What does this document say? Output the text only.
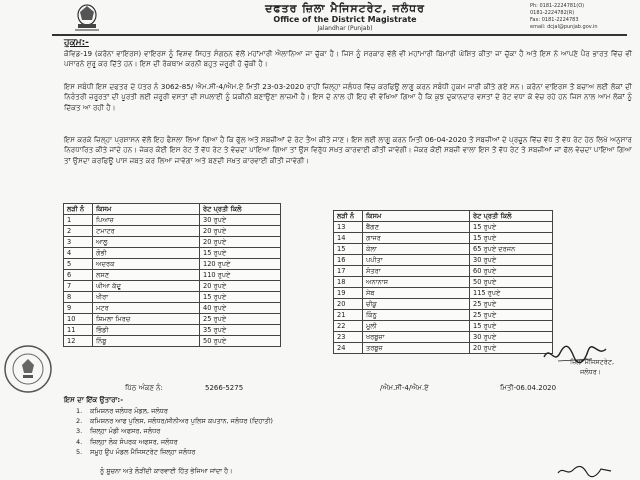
ਦਫਤਰ ਜ਼ਿਲਾ ਮੈਜਿਸਟਰੇਟ, ਜਲੰਧਰ
Office of the District Magistrate
Jalandhar (Punjab)
Ph: 0181-2224781(O)
0181-2224782(R)
Fax: 0181-2224783
email: dcjal@punjab.gov.in
ਹੁਕਮ:-
ਕੋਵਿਡ-19 (ਕਰੋਨਾ ਵਾਇਰਸ) ਵਾਇਰਸ ਨੂੰ ਵਿਸ਼ਵ ਸਿਹਤ ਸੰਗਠਨ ਵੱਲੋਂ ਮਹਾਂਮਾਰੀ ਐਲਾਨਿਆ ਜਾ ਚੁੱਕਾ ਹੈ। ਜਿਸ ਨੂੰ ਸਰਕਾਰ ਵੱਲੋਂ ਵੀ ਮਹਾਂਮਾਰੀ ਬਿਮਾਰੀ ਘੋਸ਼ਿਤ ਕੀਤਾ ਜਾ ਚੁੱਕਾ ਹੈ ਅਤੇ ਇਸ ਨੇ ਆਪਣੇ ਪੈਰ ਭਾਰਤ ਵਿੱਚ ਵੀ ਪਸਾਰਨੇ ਸ਼ੁਰੂ ਕਰ ਦਿੱਤੇ ਹਨ। ਇਸ ਦੀ ਰੋਕਥਾਮ ਕਰਨੀ ਬਹੁਤ ਜ਼ਰੂਰੀ ਹੋ ਚੁੱਕੀ ਹੈ।
ਇਸ ਸਬੰਧੀ ਇਸ ਦਫਤਰ ਦੇ ਪੱਤਰ ਨੰ 3062-85/ ਐਮ.ਸੀ-4/ਐਮ.ਏ ਮਿਤੀ 23-03-2020 ਰਾਹੀਂ ਜ਼ਿਲ੍ਹਾ ਜਲੰਧਰ ਵਿੱਚ ਕਰਫਿਊ ਲਾਗੂ ਕਰਨ ਸਬੰਧੀ ਹੁਕਮ ਜਾਰੀ ਕੀਤੇ ਗਏ ਸਨ। ਕਰੋਨਾ ਵਾਇਰਸ ਤੋਂ ਬਚਾਅ ਲਈ ਲੋਕਾਂ ਦੀ ਨਿਰੰਤਰੀ ਜ਼ਰੂਰਤਾਂ ਦੀ ਪੂਰਤੀ ਲਈ ਜ਼ਰੂਰੀ ਵਸਤਾਂ ਦੀ ਸਪਲਾਈ ਨੂੰ ਯਕੀਨੀ ਬਣਾਉਣਾ ਲਾਜ਼ਮੀ ਹੈ। ਇਸ ਦੇ ਨਾਲ ਹੀ ਇਹ ਵੀ ਵੇਖਿਆ ਗਿਆ ਹੈ ਕਿ ਕੁਝ ਦੁਕਾਨਦਾਰ ਵਸਤਾਂ ਦੇ ਰੇਟ ਵਧਾ ਕੇ ਵੇਚ ਰਹੇ ਹਨ ਜਿਸ ਨਾਲ ਆਮ ਲੋਕਾਂ ਨੂੰ ਦਿੱਕਤ ਆ ਰਹੀ ਹੈ।
ਇਸ ਕਰਕੇ ਜ਼ਿਲ੍ਹਾ ਪ੍ਰਸ਼ਾਸਨ ਵੱਲੋਂ ਇਹ ਫੈਸਲਾ ਲਿਆ ਗਿਆ ਹੈ ਕਿ ਫੁੱਲ ਅਤੇ ਸਬਜ਼ੀਆਂ ਦੇ ਰੇਟ ਤੈਅ ਕੀਤੇ ਜਾਣ। ਇਸ ਲਈ ਲਾਗੂ ਕਰਨ ਮਿਤੀ 06-04-2020 ਤੋਂ ਸਬਜ਼ੀਆਂ ਦੇ ਪ੍ਰਚੂਨ ਵਿੱਚ ਵੱਧ ਤੋਂ ਵੱਧ ਰੇਟ ਹੇਠ ਲਿਖੇ ਅਨੁਸਾਰ ਨਿਰਧਾਰਿਤ ਕੀਤੇ ਜਾਂਦੇ ਹਨ। ਜੇਕਰ ਕੋਈ ਇਸ ਰੇਟ ਤੋਂ ਵੱਧ ਰੇਟ ਤੇ ਵੇਚਦਾ ਪਾਇਆ ਗਿਆ ਤਾਂ ਉਸ ਵਿਰੁੱਧ ਸਖ਼ਤ ਕਾਰਵਾਈ ਕੀਤੀ ਜਾਵੇਗੀ। ਜੇਕਰ ਕੋਈ ਸਬਜ਼ੀ ਵਾਲਾ ਇਸ ਤੋਂ ਵੱਧ ਰੇਟ ਤੇ ਸਬਜ਼ੀਆਂ ਜਾਂ ਫੱਲ ਵੇਚਦਾ ਪਾਇਆ ਗਿਆ ਤਾਂ ਉਸਦਾ ਕਰਫਿਊ ਪਾਸ ਜ਼ਬਤ ਕਰ ਲਿਆ ਜਾਵੇਗਾ ਅਤੇ ਬਣਦੀ ਸਖ਼ਤ ਕਾਰਵਾਈ ਕੀਤੀ ਜਾਵੇਗੀ।
ਲੜੀ ਨੰ	ਕਿਸਮ	ਰੇਟ ਪ੍ਰਤੀ ਕਿਲੋ
1	ਪਿਆਜ਼	30 ਰੁਪਏ
2	ਟਮਾਟਰ	20 ਰੁਪਏ
3	ਆਲੂ	20 ਰੁਪਏ
4	ਗੋਭੀ	15 ਰੁਪਏ
5	ਅਦਰਕ	120 ਰੁਪਏ
6	ਲਸਣ	110 ਰੁਪਏ
7	ਘੀਆ ਕੱਦੂ	20 ਰੁਪਏ
8	ਖੀਰਾ	15 ਰੁਪਏ
9	ਮਟਰ	40 ਰੁਪਏ
10	ਸ਼ਿਮਲਾ ਮਿਰਚ	25 ਰੁਪਏ
11	ਭਿੰਡੀ	35 ਰੁਪਏ
12	ਨਿੰਬੂ	50 ਰੁਪਏ
ਲੜੀ ਨੰ	ਕਿਸਮ	ਰੇਟ ਪ੍ਰਤੀ ਕਿਲੋ
13	ਬੈਂਗਣ	15 ਰੁਪਏ
14	ਗਾਜਰ	15 ਰੁਪਏ
15	ਕੇਲਾ	65 ਰੁਪਏ ਦਰਜਨ
16	ਪਪੀਤਾ	30 ਰੁਪਏ
17	ਸੰਤਰਾ	60 ਰੁਪਏ
18	ਅਨਾਨਾਸ	50 ਰੁਪਏ
19	ਸੇਬ	115 ਰੁਪਏ
20	ਚੀਕੂ	25 ਰੁਪਏ
21	ਕਿੰਨੂ	25 ਰੁਪਏ
22	ਮੂਲੀ	15 ਰੁਪਏ
23	ਖਰਬੂਜ਼ਾ	30 ਰੁਪਏ
24	ਤਰਬੂਜ਼	20 ਰੁਪਏ
ਜ਼ਿਲਾ ਮੈਜਿਸਟਰੇਟ,
ਜਲੰਧਰ।
ਪਿੱਠ ਅੰਕਣ ਨੰ:	5266-5275	/ਐਮ.ਸੀ-4/ਐਮ.ਏ	ਮਿਤੀ-06.04.2020
ਇਸ ਦਾ ਇੱਕ ਉਤਾਰਾ:-
1. ਕਮਿਸ਼ਨਰ ਜਲੰਧਰ ਮੰਡਲ, ਜਲੰਧਰ
2. ਕਮਿਸ਼ਨਰ ਆਫ ਪੁਲਿਸ, ਜਲੰਧਰ/ਸੀਨੀਅਰ ਪੁਲਿਸ ਕਪਤਾਨ, ਜਲੰਧਰ (ਦਿਹਾਤੀ)
3. ਜ਼ਿਲ੍ਹਾ ਮੰਡੀ ਅਫਸਰ, ਜਲੰਧਰ
4. ਜ਼ਿਲ੍ਹਾ ਲੋਕ ਸੰਪਰਕ ਅਫਸਰ, ਜਲੰਧਰ
5. ਸਮੂਹ ਉਪ ਮੰਡਲ ਮੈਜਿਸਟਰੇਟ ਜ਼ਿਲ੍ਹਾ ਜਲੰਧਰ
ਨੂੰ ਸੂਚਨਾ ਅਤੇ ਲੋੜੀਂਦੀ ਕਾਰਵਾਈ ਹਿੱਤ ਭੇਜਿਆ ਜਾਂਦਾ ਹੈ।
